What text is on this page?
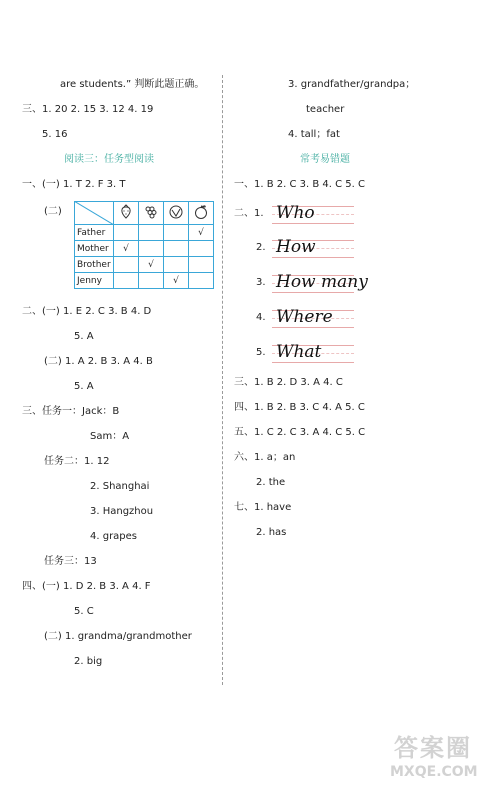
are students.” 判断此题正确。
三、1. 20 2. 15 3. 12 4. 19
5. 16
阅读三：任务型阅读
一、(一) 1. T 2. F 3. T
(二)

Father				√
Mother	√			
Brother		√		
Jenny			√	
二、(一) 1. E 2. C 3. B 4. D
5. A
(二) 1. A 2. B 3. A 4. B
5. A
三、任务一：Jack：B
Sam：A
任务二：1. 12
2. Shanghai
3. Hangzhou
4. grapes
任务三：13
四、(一) 1. D 2. B 3. A 4. F
5. C
(二) 1. grandma/grandmother
2. big
3. grandfather/grandpa；
teacher
4. tall；fat
常考易错题
一、1. B 2. C 3. B 4. C 5. C
二、1. Who
2. How
3. How many
4. Where
5. What
三、1. B 2. D 3. A 4. C
四、1. B 2. B 3. C 4. A 5. C
五、1. C 2. C 3. A 4. C 5. C
六、1. a；an
2. the
七、1. have
2. has
答案圈
MXQE.COM
